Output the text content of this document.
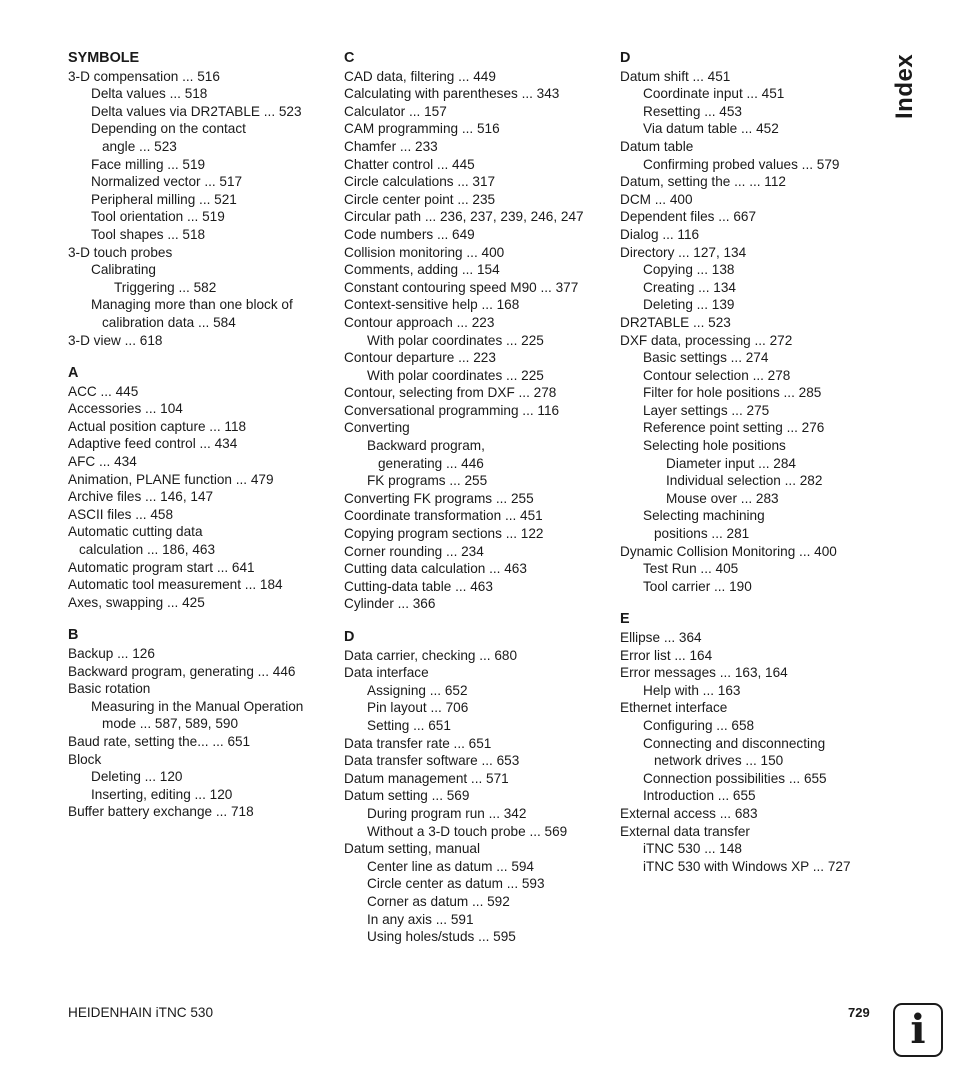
SYMBOLE
3-D compensation ... 516
Delta values ... 518
Delta values via DR2TABLE ... 523
Depending on the contact
angle ... 523
Face milling ... 519
Normalized vector ... 517
Peripheral milling ... 521
Tool orientation ... 519
Tool shapes ... 518
3-D touch probes
Calibrating
Triggering ... 582
Managing more than one block of
calibration data ... 584
3-D view ... 618
A
ACC ... 445
Accessories ... 104
Actual position capture ... 118
Adaptive feed control ... 434
AFC ... 434
Animation, PLANE function ... 479
Archive files ... 146, 147
ASCII files ... 458
Automatic cutting data
calculation ... 186, 463
Automatic program start ... 641
Automatic tool measurement ... 184
Axes, swapping ... 425
B
Backup ... 126
Backward program, generating ... 446
Basic rotation
Measuring in the Manual Operation
mode ... 587, 589, 590
Baud rate, setting the... ... 651
Block
Deleting ... 120
Inserting, editing ... 120
Buffer battery exchange ... 718
C
CAD data, filtering ... 449
Calculating with parentheses ... 343
Calculator ... 157
CAM programming ... 516
Chamfer ... 233
Chatter control ... 445
Circle calculations ... 317
Circle center point ... 235
Circular path ... 236, 237, 239, 246, 247
Code numbers ... 649
Collision monitoring ... 400
Comments, adding ... 154
Constant contouring speed M90 ... 377
Context-sensitive help ... 168
Contour approach ... 223
With polar coordinates ... 225
Contour departure ... 223
With polar coordinates ... 225
Contour, selecting from DXF ... 278
Conversational programming ... 116
Converting
Backward program,
generating ... 446
FK programs ... 255
Converting FK programs ... 255
Coordinate transformation ... 451
Copying program sections ... 122
Corner rounding ... 234
Cutting data calculation ... 463
Cutting-data table ... 463
Cylinder ... 366
D
Data carrier, checking ... 680
Data interface
Assigning ... 652
Pin layout ... 706
Setting ... 651
Data transfer rate ... 651
Data transfer software ... 653
Datum management ... 571
Datum setting ... 569
During program run ... 342
Without a 3-D touch probe ... 569
Datum setting, manual
Center line as datum ... 594
Circle center as datum ... 593
Corner as datum ... 592
In any axis ... 591
Using holes/studs ... 595
D
Datum shift ... 451
Coordinate input ... 451
Resetting ... 453
Via datum table ... 452
Datum table
Confirming probed values ... 579
Datum, setting the ... ... 112
DCM ... 400
Dependent files ... 667
Dialog ... 116
Directory ... 127, 134
Copying ... 138
Creating ... 134
Deleting ... 139
DR2TABLE ... 523
DXF data, processing ... 272
Basic settings ... 274
Contour selection ... 278
Filter for hole positions ... 285
Layer settings ... 275
Reference point setting ... 276
Selecting hole positions
Diameter input ... 284
Individual selection ... 282
Mouse over ... 283
Selecting machining
positions ... 281
Dynamic Collision Monitoring ... 400
Test Run ... 405
Tool carrier ... 190
E
Ellipse ... 364
Error list ... 164
Error messages ... 163, 164
Help with ... 163
Ethernet interface
Configuring ... 658
Connecting and disconnecting
network drives ... 150
Connection possibilities ... 655
Introduction ... 655
External access ... 683
External data transfer
iTNC 530 ... 148
iTNC 530 with Windows XP ... 727
Index
HEIDENHAIN iTNC 530	729	i
